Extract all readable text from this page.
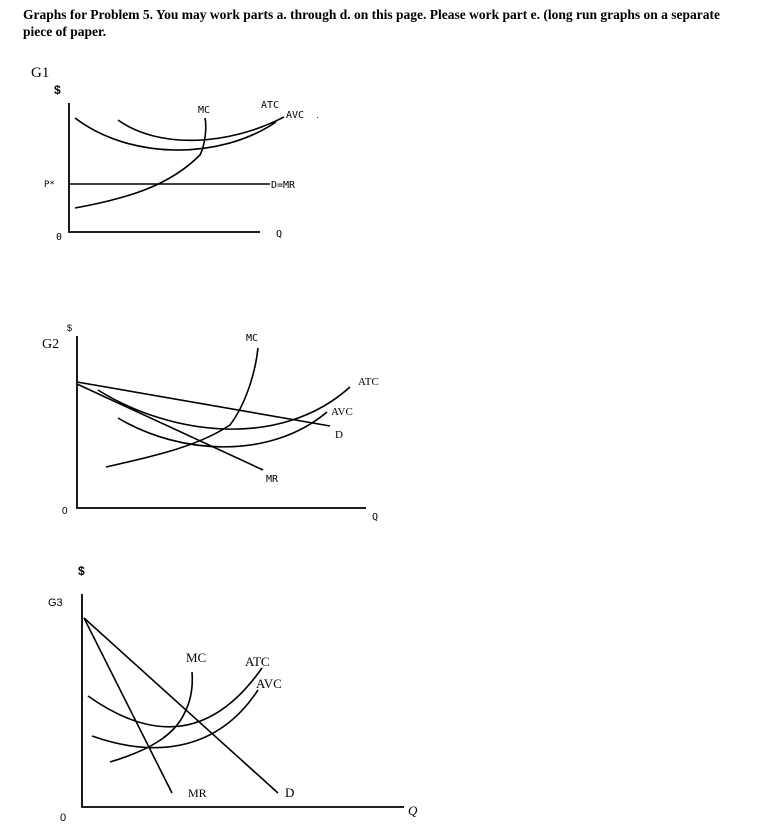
Graphs for Problem 5. You may work parts a. through d. on this page. Please work part e. (long run graphs on a separate piece of paper.
G1
$
P*
0	Q
D=MR
MC	ATC
AVC ·
G2
$
0
Q
D
MR
MC
ATC
AVC
G3
$
0	Q
D
MR
MC	ATC
AVC
